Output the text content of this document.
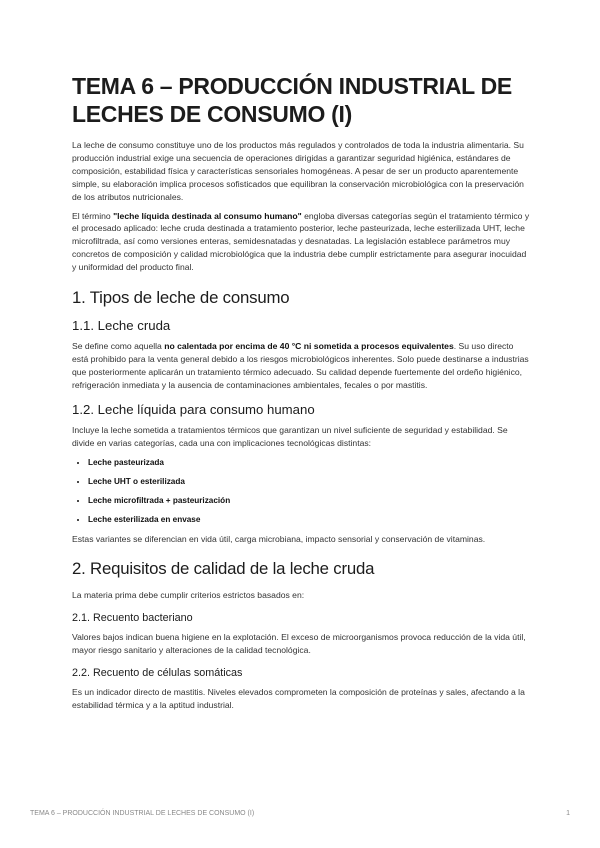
TEMA 6 – PRODUCCIÓN INDUSTRIAL DE LECHES DE CONSUMO (I)

La leche de consumo constituye uno de los productos más regulados y controlados de toda la industria alimentaria. Su producción industrial exige una secuencia de operaciones dirigidas a garantizar seguridad higiénica, estándares de composición, estabilidad física y características sensoriales homogéneas. A pesar de ser un producto aparentemente simple, su elaboración implica procesos sofisticados que equilibran la conservación microbiológica con la preservación de los atributos nutricionales.

El término "leche líquida destinada al consumo humano" engloba diversas categorías según el tratamiento térmico y el procesado aplicado: leche cruda destinada a tratamiento posterior, leche pasteurizada, leche esterilizada UHT, leche microfiltrada, así como versiones enteras, semidesnatadas y desnatadas. La legislación establece parámetros muy concretos de composición y calidad microbiológica que la industria debe cumplir estrictamente para asegurar inocuidad y uniformidad del producto final.

1. Tipos de leche de consumo
1.1. Leche cruda

Se define como aquella no calentada por encima de 40 °C ni sometida a procesos equivalentes. Su uso directo está prohibido para la venta general debido a los riesgos microbiológicos inherentes. Solo puede destinarse a industrias que posteriormente aplicarán un tratamiento térmico adecuado. Su calidad depende fuertemente del ordeño higiénico, refrigeración inmediata y la ausencia de contaminaciones ambientales, fecales o por mastitis.

1.2. Leche líquida para consumo humano

Incluye la leche sometida a tratamientos térmicos que garantizan un nivel suficiente de seguridad y estabilidad. Se divide en varias categorías, cada una con implicaciones tecnológicas distintas:

• Leche pasteurizada
• Leche UHT o esterilizada
• Leche microfiltrada + pasteurización
• Leche esterilizada en envase

Estas variantes se diferencian en vida útil, carga microbiana, impacto sensorial y conservación de vitaminas.

2. Requisitos de calidad de la leche cruda

La materia prima debe cumplir criterios estrictos basados en:

2.1. Recuento bacteriano

Valores bajos indican buena higiene en la explotación. El exceso de microorganismos provoca reducción de la vida útil, mayor riesgo sanitario y alteraciones de la calidad tecnológica.

2.2. Recuento de células somáticas

Es un indicador directo de mastitis. Niveles elevados comprometen la composición de proteínas y sales, afectando a la estabilidad térmica y a la aptitud industrial.

TEMA 6 – PRODUCCIÓN INDUSTRIAL DE LECHES DE CONSUMO (I)	1
